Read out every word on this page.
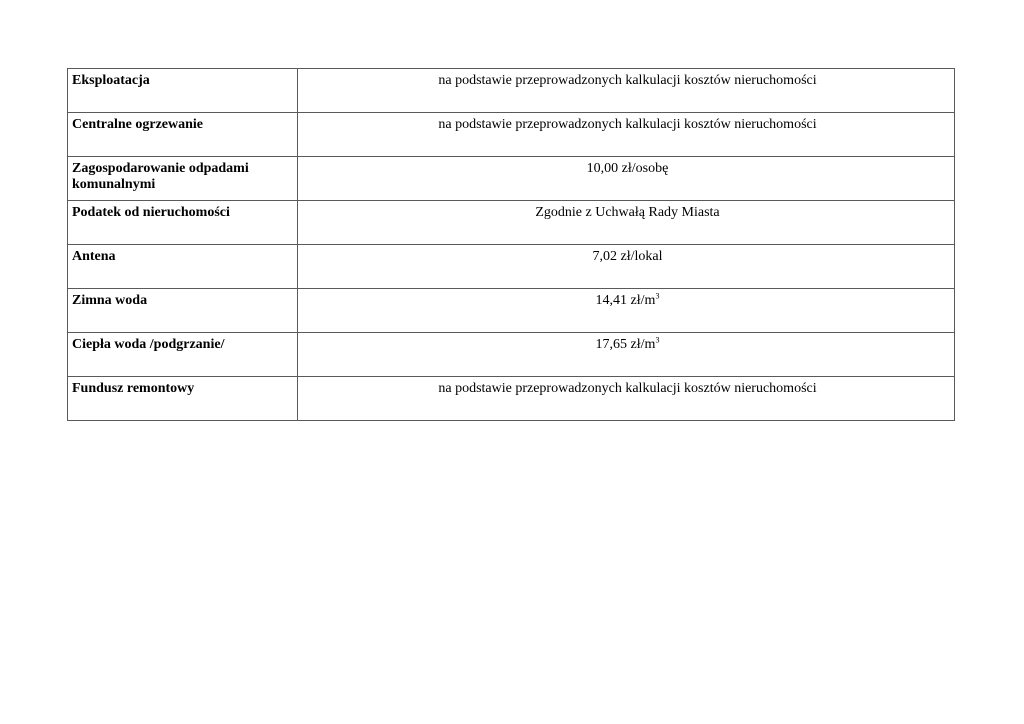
Eksploatacja	na podstawie przeprowadzonych kalkulacji kosztów nieruchomości
Centralne ogrzewanie	na podstawie przeprowadzonych kalkulacji kosztów nieruchomości
Zagospodarowanie odpadami komunalnymi	10,00 zł/osobę
Podatek od nieruchomości	Zgodnie z Uchwałą Rady Miasta
Antena	7,02 zł/lokal
Zimna woda	14,41 $zł/m^3$
Ciepła woda /podgrzanie/	17,65 $zł/m^3$
Fundusz remontowy	na podstawie przeprowadzonych kalkulacji kosztów nieruchomości
